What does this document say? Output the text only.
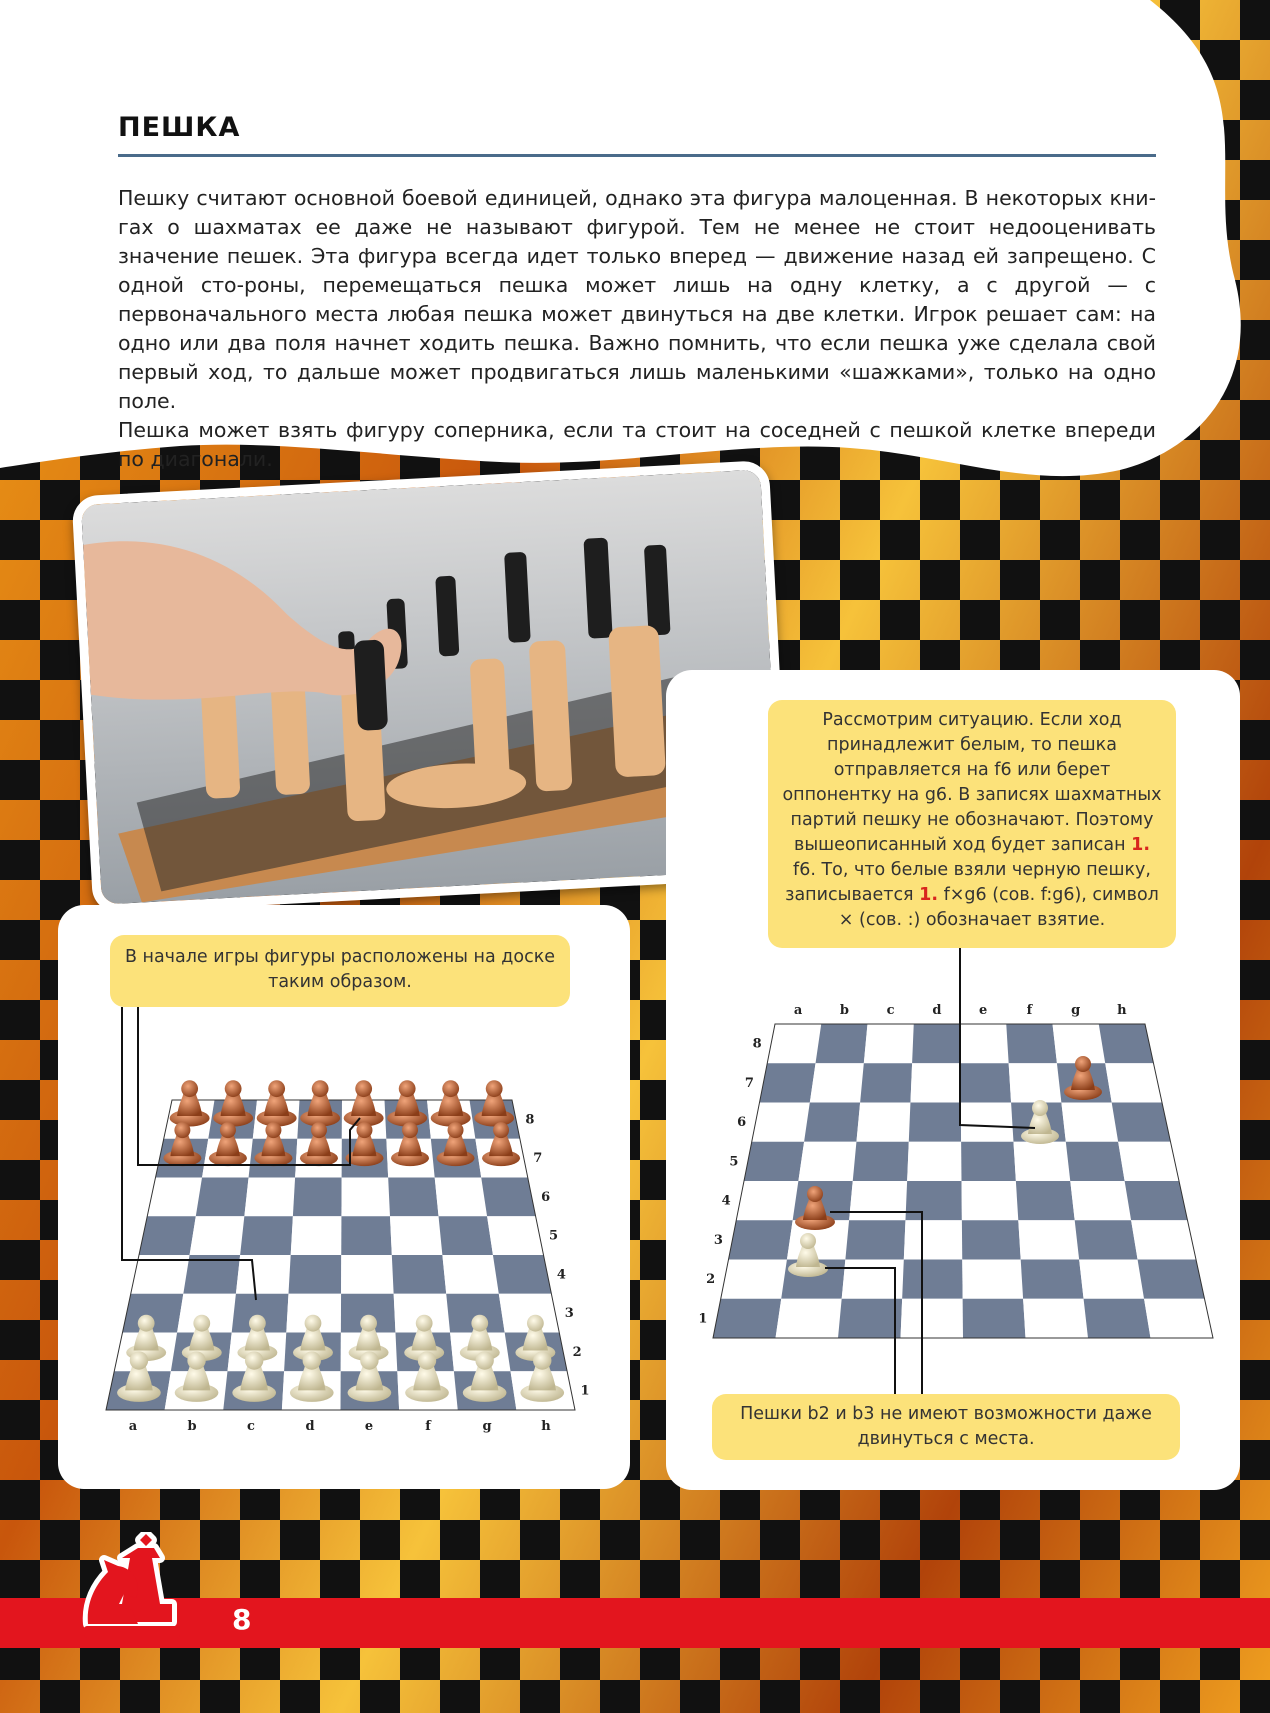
ПЕШКА

Пешку считают основной боевой единицей, однако эта фигура малоценная. В некоторых кни-гах о шахматах ее даже не называют фигурой. Тем не менее не стоит недооценивать значение пешек. Эта фигура всегда идет только вперед — движение назад ей запрещено. С одной сто-роны, перемещаться пешка может лишь на одну клетку, а с другой — с первоначального места любая пешка может двинуться на две клетки. Игрок решает сам: на одно или два поля начнет ходить пешка. Важно помнить, что если пешка уже сделала свой первый ход, то дальше может продвигаться лишь маленькими «шажками», только на одно поле.

Пешка может взять фигуру соперника, если та стоит на соседней с пешкой клетке впереди по диагонали.

a	b	c	d	e	f	g	h
1
2
3
4
5
6
7
8
В начале игры фигуры расположены на доске таким образом.
a	b	c	d	e	f	g	h
1
2
3
4
5
6
7
8
Рассмотрим ситуацию. Если ход принадлежит белым, то пешка отправляется на f6 или берет оппонентку на g6. В записях шахматных партий пешку не обозначают. Поэтому вышеописанный ход будет записан 1. f6. То, что белые взяли черную пешку, записывается 1. f×g6 (сов. f:g6), символ × (сов. :) обозначает взятие.
Пешки b2 и b3 не имеют возможности даже двинуться с места.
8
